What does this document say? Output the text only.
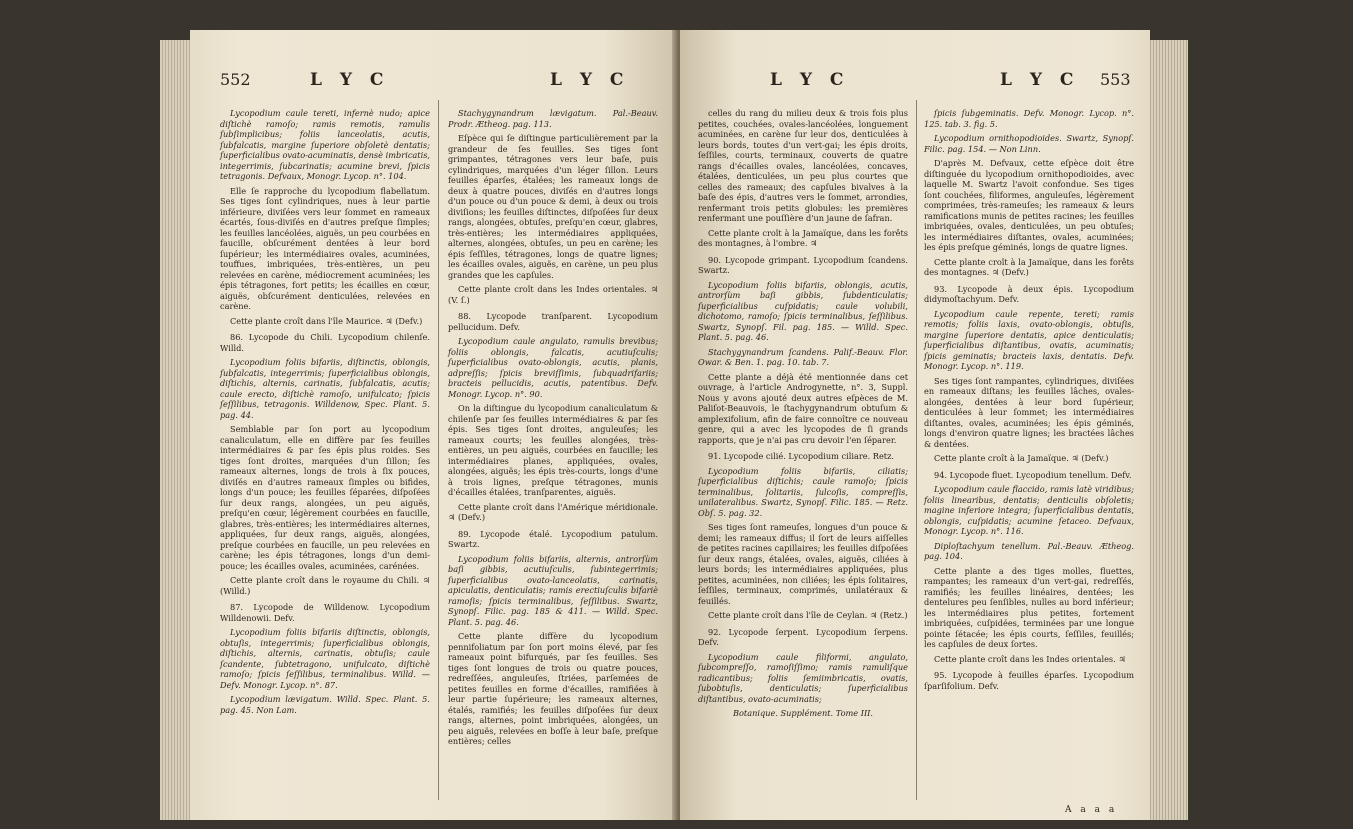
552	L Y C	L Y C

Lycopodium caule tereti, infernè nudo; apice diſtichè ramoſo; ramis remotis, ramulis ſubſimplicibus; foliis lanceolatis, acutis, ſubfalcatis, margine ſuperiore obſoletè dentatis; ſuperficialibus ovato-acuminatis, densè imbricatis, integerrimis, ſubcarinatis; acumine brevi, ſpicis tetragonis. Defvaux, Monogr. Lycop. n°. 104.

Elle ſe rapproche du lycopodium flabellatum. Ses tiges ſont cylindriques, nues à leur partie inférieure, diviſées vers leur ſommet en rameaux écartés, ſous-diviſés en d'autres preſque ſimples; les feuilles lancéolées, aiguës, un peu courbées en faucille, obſcurément dentées à leur bord ſupérieur; les intermédiaires ovales, acuminées, touffues, imbriquées, très-entières, un peu relevées en carène, médiocrement acuminées; les épis tétragones, fort petits; les écailles en cœur, aiguës, obſcurément denticulées, relevées en carène.

Cette plante croît dans l'île Maurice. ♃ (Defv.)

86. Lycopode du Chili. Lycopodium chilenſe. Willd.

Lycopodium foliis bifariis, diſtinctis, oblongis, ſubfalcatis, integerrimis; ſuperficialibus oblongis, diſtichis, alternis, carinatis, ſubfalcatis, acutis; caule erecto, diſtichè ramoſo, unifulcato; ſpicis ſeſſilibus, tetragonis. Willdenow, Spec. Plant. 5. pag. 44.

Semblable par ſon port au lycopodium canaliculatum, elle en diffère par ſes feuilles intermédiaires & par ſes épis plus roides. Ses tiges ſont droites, marquées d'un ſillon; ſes rameaux alternes, longs de trois à ſix pouces, diviſés en d'autres rameaux ſimples ou bifides, longs d'un pouce; les feuilles ſéparées, diſpoſées ſur deux rangs, alongées, un peu aiguës, preſqu'en cœur, légèrement courbées en faucille, glabres, très-entières; les intermédiaires alternes, appliquées, ſur deux rangs, aiguës, alongées, preſque courbées en faucille, un peu relevées en carène; les épis tétragones, longs d'un demi-pouce; les écailles ovales, acuminées, carénées.

Cette plante croît dans le royaume du Chili. ♃ (Willd.)

87. Lycopode de Willdenow. Lycopodium Willdenowii. Defv.

Lycopodium foliis bifariis diſtinctis, oblongis, obtuſis, integerrimis; ſuperficialibus oblongis, diſtichis, alternis, carinatis, obtuſis; caule ſcandente, ſubtetragono, unifulcato, diſtichè ramoſo; ſpicis ſeſſilibus, terminalibus. Willd. — Defv. Monogr. Lycop. n°. 87.

Lycopodium lævigatum. Willd. Spec. Plant. 5. pag. 45. Non Lam.

Stachygynandrum lævigatum. Pal.-Beauv. Prodr. Ætheog. pag. 113.

Eſpèce qui ſe diſtingue particulièrement par la grandeur de ſes feuilles. Ses tiges ſont grimpantes, tétragones vers leur baſe, puis cylindriques, marquées d'un léger ſillon. Leurs feuilles éparſes, étalées; les rameaux longs de deux à quatre pouces, diviſés en d'autres longs d'un pouce ou d'un pouce & demi, à deux ou trois diviſions; les feuilles diſtinctes, diſpoſées ſur deux rangs, alongées, obtuſes, preſqu'en cœur, glabres, très-entières; les intermédiaires appliquées, alternes, alongées, obtuſes, un peu en carène; les épis ſeſſiles, tétragones, longs de quatre lignes; les écailles ovales, aiguës, en carène, un peu plus grandes que les capſules.

Cette plante croît dans les Indes orientales. ♃ (V. ſ.)

88. Lycopode tranſparent. Lycopodium pellucidum. Defv.

Lycopodium caule angulato, ramulis brevibus; foliis oblongis, falcatis, acutiuſculis; ſuperficialibus ovato-oblongis, acutis, planis, adpreſſis; ſpicis breviſſimis, ſubquadrifariis; bracteis pellucidis, acutis, patentibus. Defv. Monogr. Lycop. n°. 90.

On la diſtingue du lycopodium canaliculatum & chilenſe par ſes feuilles intermédiaires & par ſes épis. Ses tiges ſont droites, anguleuſes; les rameaux courts; les feuilles alongées, très-entières, un peu aiguës, courbées en faucille; les intermédiaires planes, appliquées, ovales, alongées, aiguës; les épis très-courts, longs d'une à trois lignes, preſque tétragones, munis d'écailles étalées, tranſparentes, aiguës.

Cette plante croît dans l'Amérique méridionale. ♃ (Defv.)

89. Lycopode étalé. Lycopodium patulum. Swartz.

Lycopodium foliis bifariis, alternis, antrorſùm baſi gibbis, acutiuſculis, ſubintegerrimis; ſuperficialibus ovato-lanceolatis, carinatis, apiculatis, denticulatis; ramis erectiuſculis bifariè ramoſis; ſpicis terminalibus, ſeſſilibus. Swartz, Synopſ. Filic. pag. 185 & 411. — Willd. Spec. Plant. 5. pag. 46.

Cette plante diffère du lycopodium pennifoliatum par ſon port moins élevé, par ſes rameaux point bifurqués, par ſes feuilles. Ses tiges ſont longues de trois ou quatre pouces, redreſſées, anguleuſes, ſtriées, parſemées de petites feuilles en forme d'écailles, ramifiées à leur partie ſupérieure; les rameaux alternes, étalés, ramifiés; les feuilles diſpoſées ſur deux rangs, alternes, point imbriquées, alongées, un peu aiguës, relevées en boſſe à leur baſe, preſque entières; celles

L Y C	L Y C 553

celles du rang du milieu deux & trois fois plus petites, couchées, ovales-lancéolées, longuement acuminées, en carène ſur leur dos, denticulées à leurs bords, toutes d'un vert-gai; les épis droits, ſeſſiles, courts, terminaux, couverts de quatre rangs d'écailles ovales, lancéolées, concaves, étalées, denticulées, un peu plus courtes que celles des rameaux; des capſules bivalves à la baſe des épis, d'autres vers le ſommet, arrondies, renfermant trois petits globules: les premières renfermant une pouſſière d'un jaune de ſafran.

Cette plante croît à la Jamaïque, dans les forêts des montagnes, à l'ombre. ♃

90. Lycopode grimpant. Lycopodium ſcandens. Swartz.

Lycopodium foliis bifariis, oblongis, acutis, antrorſùm baſi gibbis, ſubdenticulatis; ſuperficialibus cuſpidatis; caule volubili, dichotomo, ramoſo; ſpicis terminalibus, ſeſſilibus. Swartz, Synopſ. Fil. pag. 185. — Willd. Spec. Plant. 5. pag. 46.

Stachygynandrum ſcandens. Palif.-Beauv. Flor. Owar. & Ben. 1. pag. 10. tab. 7.

Cette plante a déjà été mentionnée dans cet ouvrage, à l'article Androgynette, n°. 3, Suppl. Nous y avons ajouté deux autres eſpèces de M. Paliſot-Beauvois, le ſtachygynandrum obtuſum & amplexifolium, afin de faire connoître ce nouveau genre, qui a avec les lycopodes de ſi grands rapports, que je n'ai pas cru devoir l'en ſéparer.

91. Lycopode cilié. Lycopodium ciliare. Retz.

Lycopodium foliis bifariis, ciliatis; ſuperficialibus diſtichis; caule ramoſo; ſpicis terminalibus, ſolitariis, ſulcoſis, compreſſis, unilateralibus. Swartz, Synopſ. Filic. 185. — Retz. Obſ. 5. pag. 32.

Ses tiges ſont rameuſes, longues d'un pouce & demi; les rameaux diffus; il ſort de leurs aiſſelles de petites racines capillaires; les feuilles diſpoſées ſur deux rangs, étalées, ovales, aiguës, ciliées à leurs bords; les intermédiaires appliquées, plus petites, acuminées, non ciliées; les épis ſolitaires, ſeſſiles, terminaux, comprimés, unilatéraux & feuillés.

Cette plante croît dans l'île de Ceylan. ♃ (Retz.)

92. Lycopode ſerpent. Lycopodium ſerpens. Defv.

Lycopodium caule filiformi, angulato, ſubcompreſſo, ramoſiſſimo; ramis ramuliſque radicantibus; foliis ſemiimbricatis, ovatis, ſubobtuſis, denticulatis; ſuperficialibus diſtantibus, ovato-acuminatis;

Botanique. Supplément. Tome III.

ſpicis ſubgeminatis. Defv. Monogr. Lycop. n°. 125. tab. 3. fig. 5.

Lycopodium ornithopodioides. Swartz, Synopſ. Filic. pag. 154. — Non Linn.

D'après M. Defvaux, cette eſpèce doit être diſtinguée du lycopodium ornithopodioides, avec laquelle M. Swartz l'avoit confondue. Ses tiges ſont couchées, filiformes, anguleuſes, légèrement comprimées, très-rameuſes; les rameaux & leurs ramifications munis de petites racines; les feuilles imbriquées, ovales, denticulées, un peu obtuſes; les intermédiaires diſtantes, ovales, acuminées; les épis preſque géminés, longs de quatre lignes.

Cette plante croît à la Jamaïque, dans les forêts des montagnes. ♃ (Defv.)

93. Lycopode à deux épis. Lycopodium didymoſtachyum. Defv.

Lycopodium caule repente, tereti; ramis remotis; foliis laxis, ovato-oblongis, obtuſis, margine ſuperiore dentatis, apice denticulatis; ſuperficialibus diſtantibus, ovatis, acuminatis; ſpicis geminatis; bracteis laxis, dentatis. Defv. Monogr. Lycop. n°. 119.

Ses tiges ſont rampantes, cylindriques, diviſées en rameaux diſtans; les feuilles lâches, ovales-alongées, dentées à leur bord ſupérieur, denticulées à leur ſommet; les intermédiaires diſtantes, ovales, acuminées; les épis géminés, longs d'environ quatre lignes; les bractées lâches & dentées.

Cette plante croît à la Jamaïque. ♃ (Defv.)

94. Lycopode fluet. Lycopodium tenellum. Defv.

Lycopodium caule flaccido, ramis latè viridibus; foliis linearibus, dentatis; denticulis obſoletis; magine inferiore integra; ſuperficialibus dentatis, oblongis, cuſpidatis; acumine ſetaceo. Defvaux, Monogr. Lycop. n°. 116.

Diploſtachyum tenellum. Pal.-Beauv. Ætheog. pag. 104.

Cette plante a des tiges molles, fluettes, rampantes; les rameaux d'un vert-gai, redreſſés, ramifiés; les feuilles linéaires, dentées; les dentelures peu ſenſibles, nulles au bord inférieur; les intermédiaires plus petites, fortement imbriquées, cuſpidées, terminées par une longue pointe ſétacée; les épis courts, ſeſſiles, feuillés; les capſules de deux ſortes.

Cette plante croît dans les Indes orientales. ♃

95. Lycopode à feuilles éparſes. Lycopodium ſparſifolium. Defv.

A a a a
